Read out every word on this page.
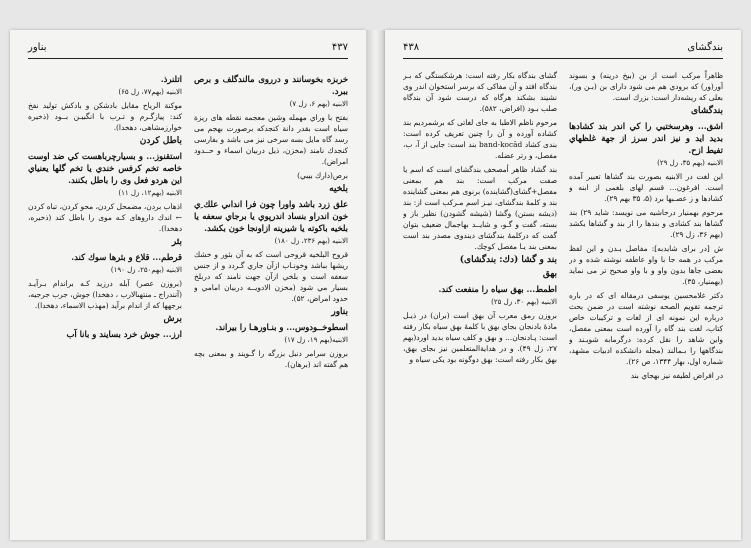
بناور	۴۳۷

خربزه بخوسانند و درروی مالندگلف و برص ببرد.

الابنیه (بهم ۶، زل ۷)

بفتح با وراي مهمله وشين معجمه نقطه هاى ريزة سياه است بقدر دانة كنجدكه برصورت بهجم مى رسد گاه مايل بسه سرخى نيز مى باشد و بفارسى كنجدك نامند (مخزن، ذيل دربيان اسماء و حــدود امراض).

برص(دارك بيبي)

بلخيه

علق زرد باشد واورا چون فرا انداىي علك ِي خون اندراو بنساد اندرپوي يا برجاي سعفه يا بلخيه باكوته يا شيرينه ازاونجا خون بكشد.

الابنیه (بهم ۲۳۶، زل ۱۸۰)

قروح البلخيه قروحى است كه به آن بثور و خشك ريشها بباشد وخونـاب ازآن جاري گـردد و از جنس سعفه است و بلخي ازآن جهت نامند كه دربلخ بسيار مي شود (مخزن الادويــه دربيان امامي و حدود امراض، ۵۲).

بناور

اسطوخــودوس... و بنـاورهـا را بيراند.

الابنیه(بهم ۱۹، زل ۱۷)

بروزن سرامر دنبل بزرگه را گـويند و بمعنی بچه هم گفته اند (برهان).

اتلنرذ.

الابنیه (بهم۷۷، زل ۶۵)

موكنة الرياح مقابل بادشكن و بادكش تولید نفخ كند: پیازگـرم و تـرب با انگبیـن بــود (ذخیره خوارزمشاهی، دهخدا).

باطل كردن

استقنوز... و بسيارچرباهست كي ضد اوست خاصه تخم كرفس خندي يا تخم گلها یعنياي اين هردو فعل وى را باطل بكنند.

الابنیه (بهم۱۲، زل ۱۱)

اذهاب بردن، مضمحل كردن، محو كردن، تباه كردن ← اندك داروهاى كـه موى را باطل كند (ذخيره، دهخدا).

بثر

قرطم... قلاع و بثرها سوك كند.

الابنیه (بهم۲۵۰، زل ۱۹۰)

(بروزن عصر) آبله درزيد كـه براندام بـرآيـد (آنندراج ـ منتهىالارب ، دهخدا) جوش، جرب جرجيه، برجهها كه از اندام برآيد (مهذب الاسماء، دهخدا).

برش

ارز... جوش خرد بسايند و بانا آب

۴۳۸	بندگشاى

ظاهراً مركب است از بن (بيخ درينه) و بسوند آور(ور) كه برودي هم مى شود داراى بن (بـن ور)، بعلى كه ريشه‌دار است: بزرك است.

بندگشاى

اشق... وهرسختيي را كي اندر بند كشادها بديد ايد و نيز اندر سرز از جهة غلظهاي تفيط ازح.

الابنیه (بهم ۳۵، زل ۲۹)

این لغت در الابنیه بصورت بند گشاها تعبير آمده است. افرغون... قسم لهاى بلغمى از ابنه و كشادها و ز عصـبها برد (۵، ۳۵ بهم ۲۹).

مرحوم بهمنیار درحاشیه می نویسد: شايد ۲۹) بند گشاها بند كشادى و بندها را از بند و گشاها يكشد (بهم ۳۶، زل ۲۹).

ش [در برای شایدبه]: مفاصل بـدن و این لفظ مرکب در همه جا با واو عاطفه نوشته شده و در بعضی جاها بدون واو و با واو صحیح تر می نماید (بهمنیار، ۳۵).

دکتر غلامحسین یوسفی درمقاله ای كه در باره ترجمه تقويم الصحه نوشته است در ضمن بحث درباره این نمونه ای از لغات و تركيبات خاص کتاب، لغت بند گاه را آورده است بمعنی مفصل، واین شاهد را نقل كرده: درگرمابه شويـند و بندگاهها را بـمالند (مجله دانشكده ادبیات مشهد، شماره اول، بهار ۱۳۴۴، ص ۲۶).

در افراض لطيفه نيز بهجاي بند

گشای بندگاه بکار رفته است: هرشكستگي که بـر بندگاه افتد و آن مفاكی که برسر استخوان اندر وی نشیند بشكند هرگاه که درست شود آن بندگاه صلب بـود (افراض، ۵۸۲).

مرحوم ناظم الاطبا به جای لغاتی که برشمرديم بند كشاده آورده و آن را چنین تعریف کرده است: بندی كشاد band-kocād بند است: جایی از آ، ب، مفصل، و رتر عضله.

بند گشاد ظاهر أمصحف بندگشای است که اسم یا صفت مرکب است: بند هم بمعنی مفصل+گشای(گشاینده) برنوی هم بمعنی گشاينده بند و كلمهٔ بندگشای، نیـز اسم مـرکب است از: بند (ديشه بستن) وگشا (شیشه گشودن) نظير باز و بسته، گفت و گـو، و شایــد بهاجمال ضعيف بتوان گفت كه دركلمهٔ بندگشاى ديندوى مصدر بند است بمعنی بند يـا مفصل كوچك.

بند و گشا (دك: بندگشای)

بهق

اطمط... بهق سياه را منفعت كند.

الابنیه (بهم ۳۰، زل ۲۵)

بروزن رمق معرب آن بهق است (بران) در ذيـل مادهٔ بادنجان بجاي بهق با کلمهٔ بهق سياه بكار رفته است: پـادنجان... و بهق و كلف سياه بديد اورد(بهم ۲۷، زل ۴۹). و در هدايةالمتعلمين نيز بجای بهق، بهق بكار رفته است: بهق دوگونه بود يكى سياه و
